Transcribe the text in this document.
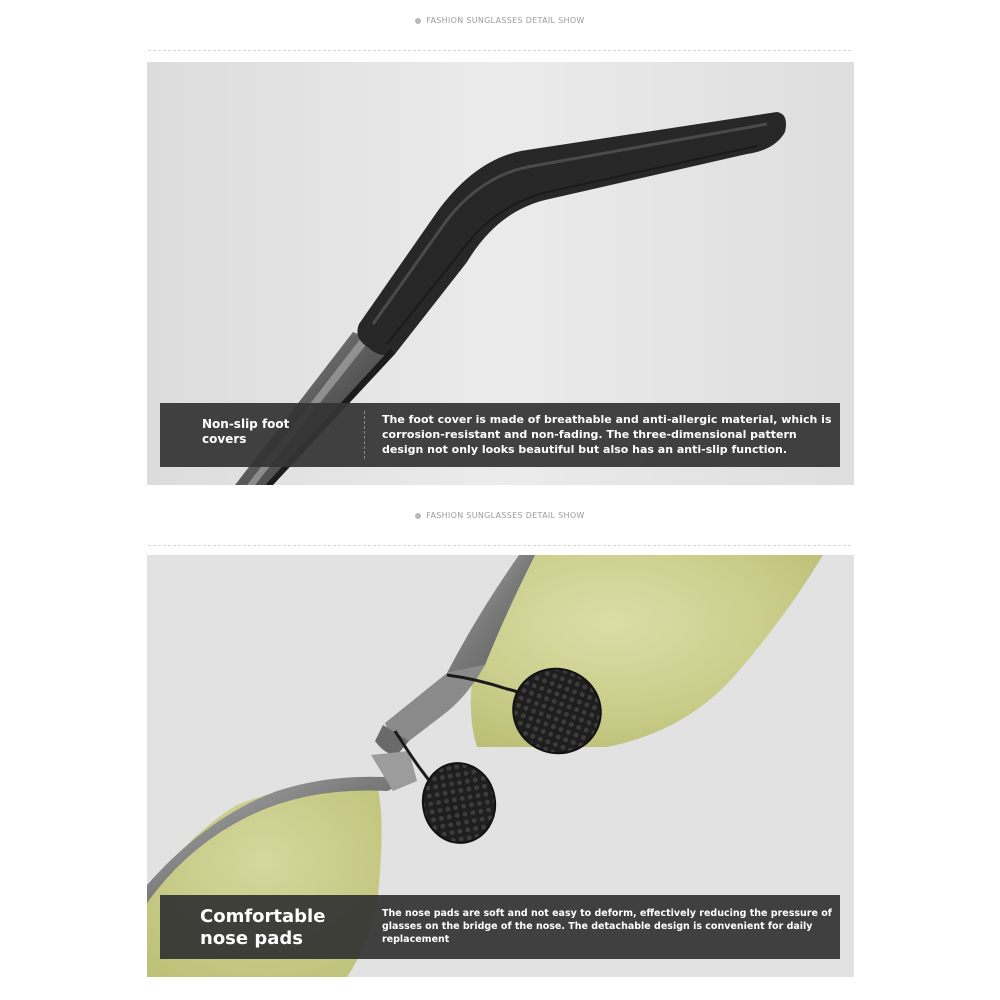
FASHION SUNGLASSES DETAIL SHOW
Non-slip foot covers
The foot cover is made of breathable and anti-allergic material, which is corrosion-resistant and non-fading. The three-dimensional pattern design not only looks beautiful but also has an anti-slip function.
FASHION SUNGLASSES DETAIL SHOW
Comfortable nose pads
The nose pads are soft and not easy to deform, effectively reducing the pressure of glasses on the bridge of the nose. The detachable design is convenient for daily replacement
